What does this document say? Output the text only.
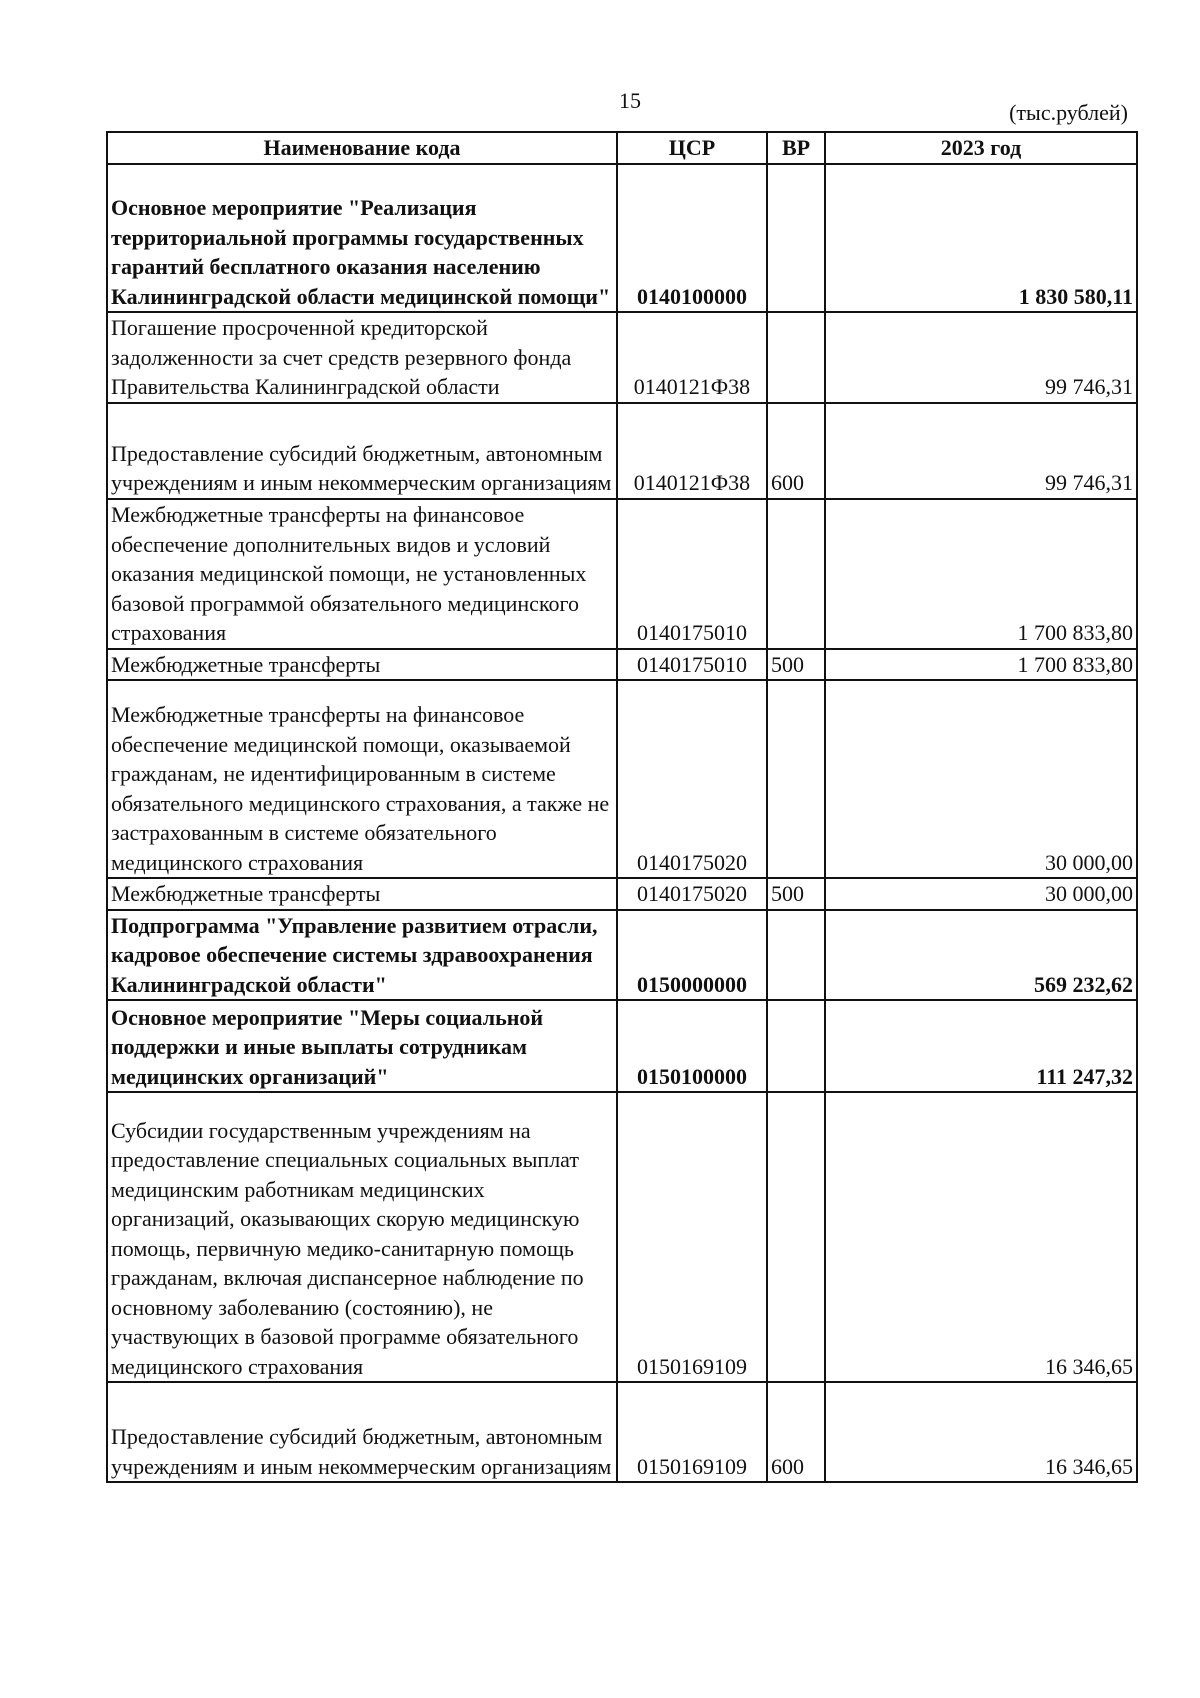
15	(тыс.рублей)
Наименование кода	ЦСР	ВР	2023 год
Основное мероприятие "Реализация территориальной программы государственных гарантий бесплатного оказания населению Калининградской области медицинской помощи"	0140100000		1 830 580,11
Погашение просроченной кредиторской задолженности за счет средств резервного фонда Правительства Калининградской области	0140121Ф38		99 746,31
Предоставление субсидий бюджетным, автономным учреждениям и иным некоммерческим организациям	0140121Ф38	600	99 746,31
Межбюджетные трансферты на финансовое обеспечение дополнительных видов и условий оказания медицинской помощи, не установленных базовой программой обязательного медицинского страхования	0140175010		1 700 833,80
Межбюджетные трансферты	0140175010	500	1 700 833,80
Межбюджетные трансферты на финансовое обеспечение медицинской помощи, оказываемой гражданам, не идентифицированным в системе обязательного медицинского страхования, а также не застрахованным в системе обязательного медицинского страхования	0140175020		30 000,00
Межбюджетные трансферты	0140175020	500	30 000,00
Подпрограмма "Управление развитием отрасли, кадровое обеспечение системы здравоохранения Калининградской области"	0150000000		569 232,62
Основное мероприятие "Меры социальной поддержки и иные выплаты сотрудникам медицинских организаций"	0150100000		111 247,32
Субсидии государственным учреждениям на предоставление специальных социальных выплат медицинским работникам медицинских организаций, оказывающих скорую медицинскую помощь, первичную медико-санитарную помощь гражданам, включая диспансерное наблюдение по основному заболеванию (состоянию), не участвующих в базовой программе обязательного медицинского страхования	0150169109		16 346,65
Предоставление субсидий бюджетным, автономным учреждениям и иным некоммерческим организациям	0150169109	600	16 346,65
